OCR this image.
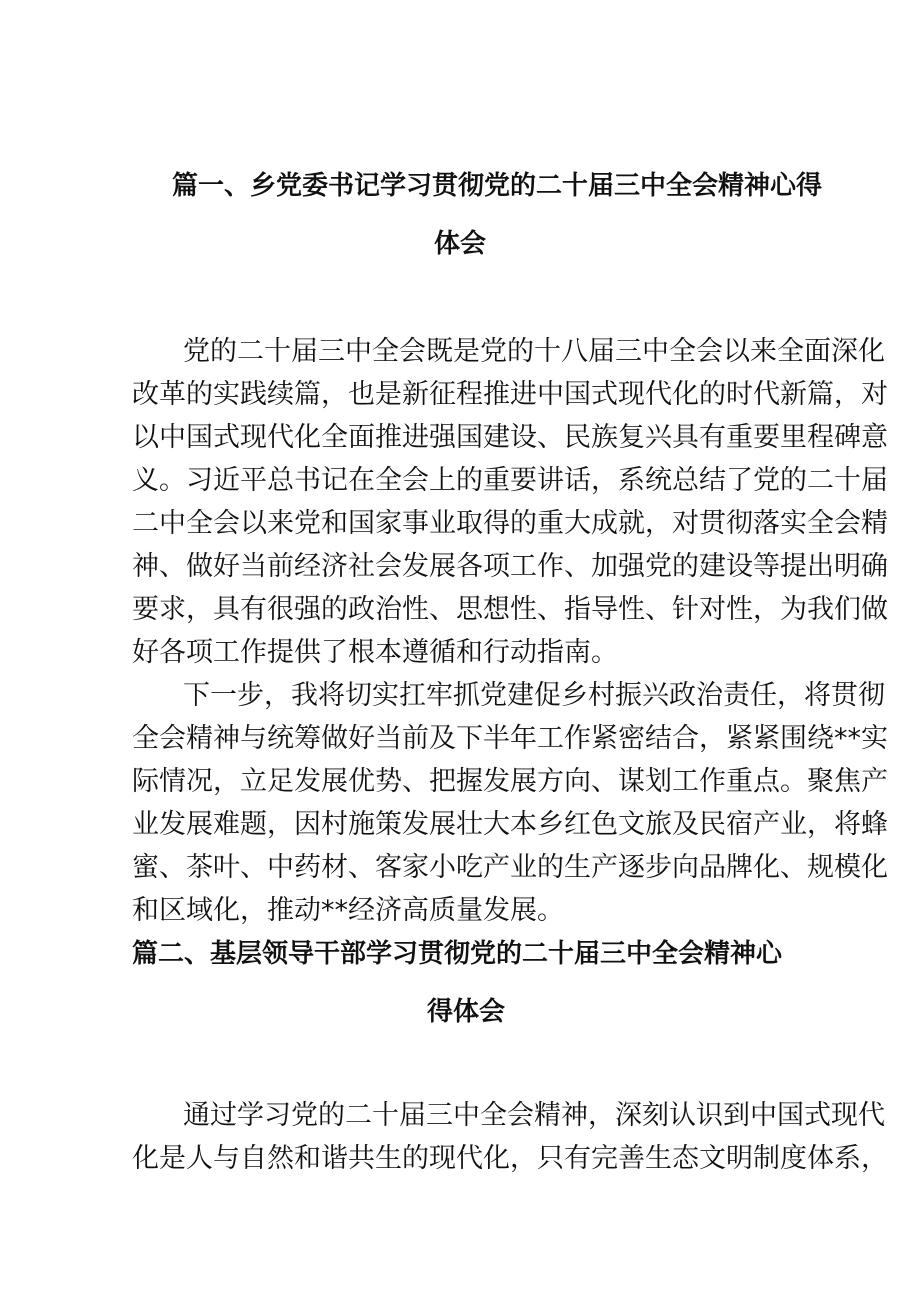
篇一、乡党委书记学习贯彻党的二十届三中全会精神心得
体会
党的二十届三中全会既是党的十八届三中全会以来全面深化
改革的实践续篇，也是新征程推进中国式现代化的时代新篇，对
以中国式现代化全面推进强国建设、民族复兴具有重要里程碑意
义。习近平总书记在全会上的重要讲话，系统总结了党的二十届
二中全会以来党和国家事业取得的重大成就，对贯彻落实全会精
神、做好当前经济社会发展各项工作、加强党的建设等提出明确
要求，具有很强的政治性、思想性、指导性、针对性，为我们做
好各项工作提供了根本遵循和行动指南。
下一步，我将切实扛牢抓党建促乡村振兴政治责任，将贯彻
全会精神与统筹做好当前及下半年工作紧密结合，紧紧围绕**实
际情况，立足发展优势、把握发展方向、谋划工作重点。聚焦产
业发展难题，因村施策发展壮大本乡红色文旅及民宿产业，将蜂
蜜、茶叶、中药材、客家小吃产业的生产逐步向品牌化、规模化
和区域化，推动**经济高质量发展。
篇二、基层领导干部学习贯彻党的二十届三中全会精神心
得体会
通过学习党的二十届三中全会精神，深刻认识到中国式现代
化是人与自然和谐共生的现代化，只有完善生态文明制度体系，
